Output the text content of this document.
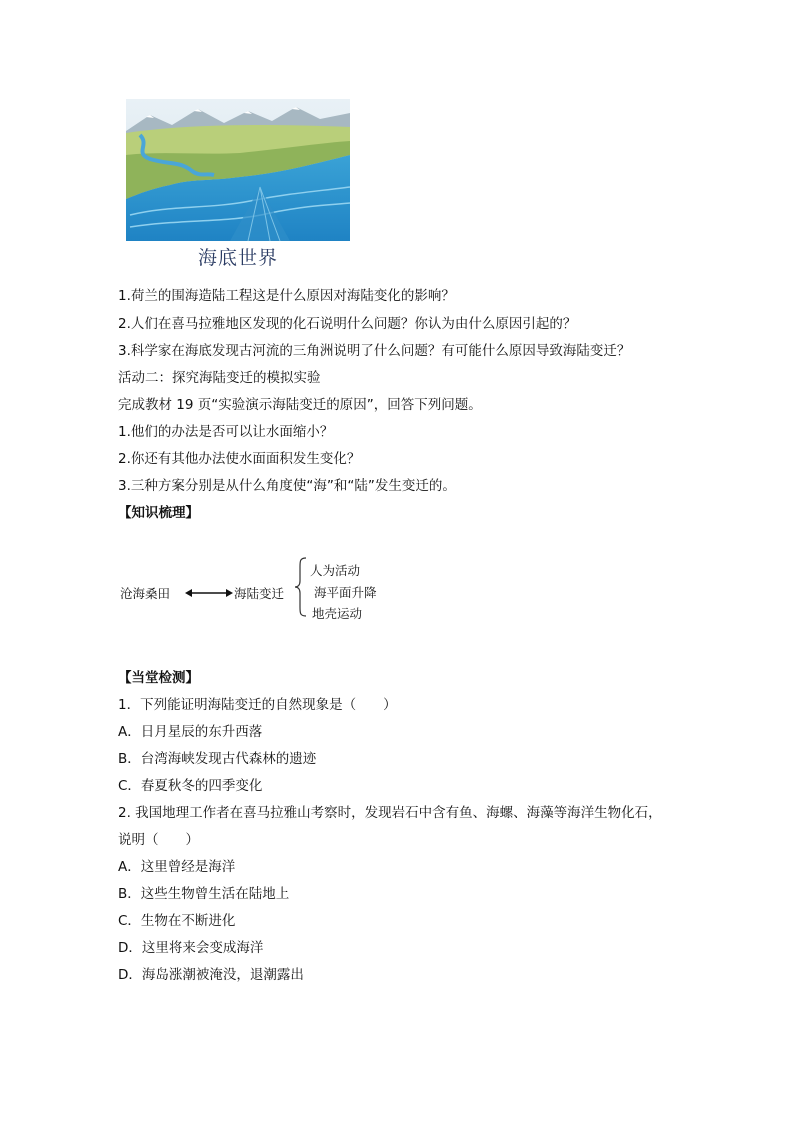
海底世界
1.荷兰的围海造陆工程这是什么原因对海陆变化的影响？
2.人们在喜马拉雅地区发现的化石说明什么问题？你认为由什么原因引起的？
3.科学家在海底发现古河流的三角洲说明了什么问题？有可能什么原因导致海陆变迁？
活动二：探究海陆变迁的模拟实验
完成教材 19 页“实验演示海陆变迁的原因”，回答下列问题。
1.他们的办法是否可以让水面缩小？
2.你还有其他办法使水面面积发生变化？
3.三种方案分别是从什么角度使“海”和“陆”发生变迁的。
【知识梳理】
沧海桑田	海陆变迁
人为活动
海平面升降
地壳运动
【当堂检测】
1．下列能证明海陆变迁的自然现象是（　　）
A．日月星辰的东升西落
B．台湾海峡发现古代森林的遗迹
C．春夏秋冬的四季变化
2. 我国地理工作者在喜马拉雅山考察时，发现岩石中含有鱼、海螺、海藻等海洋生物化石，
说明（　　）
A．这里曾经是海洋
B．这些生物曾生活在陆地上
C．生物在不断进化
D．这里将来会变成海洋
D．海岛涨潮被淹没，退潮露出
